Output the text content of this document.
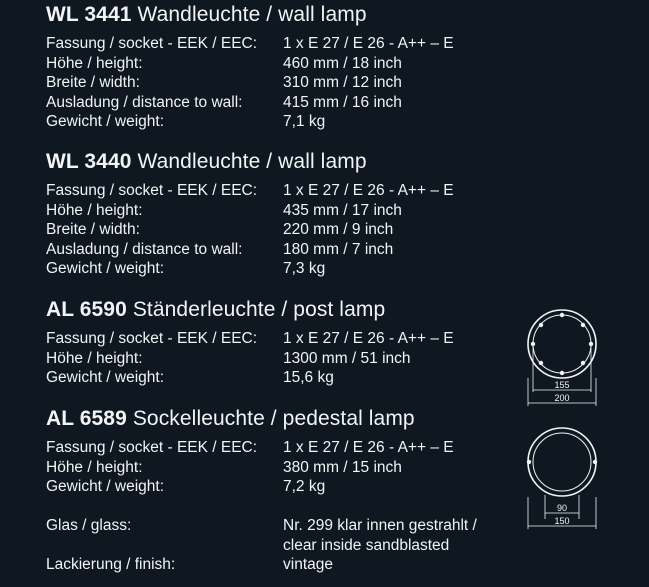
WL 3441 Wandleuchte / wall lamp
Fassung / socket - EEK / EEC: 1 x E 27 / E 26 - A++ – E
Höhe / height:	460 mm / 18 inch
Breite / width:	310 mm / 12 inch
Ausladung / distance to wall:	415 mm / 16 inch
Gewicht / weight:	7,1 kg
WL 3440 Wandleuchte / wall lamp
Fassung / socket - EEK / EEC: 1 x E 27 / E 26 - A++ – E
Höhe / height:	435 mm / 17 inch
Breite / width:	220 mm / 9 inch
Ausladung / distance to wall:	180 mm / 7 inch
Gewicht / weight:	7,3 kg
AL 6590 Ständerleuchte / post lamp
Fassung / socket - EEK / EEC: 1 x E 27 / E 26 - A++ – E
Höhe / height:	1300 mm / 51 inch
Gewicht / weight:	15,6 kg
AL 6589 Sockelleuchte / pedestal lamp
Fassung / socket - EEK / EEC: 1 x E 27 / E 26 - A++ – E
Höhe / height:	380 mm / 15 inch
Gewicht / weight:	7,2 kg
Glas / glass:	Nr. 299 klar innen gestrahlt /
clear inside sandblasted
Lackierung / finish:	vintage
155
200
90
150
